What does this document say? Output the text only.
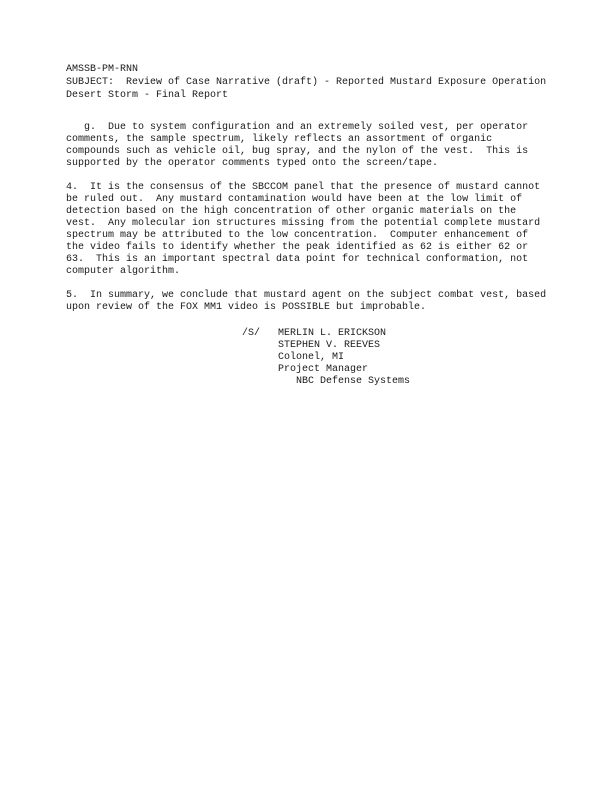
AMSSB-PM-RNN
SUBJECT:  Review of Case Narrative (draft) - Reported Mustard Exposure Operation
Desert Storm - Final Report
g.  Due to system configuration and an extremely soiled vest, per operator
comments, the sample spectrum, likely reflects an assortment of organic
compounds such as vehicle oil, bug spray, and the nylon of the vest.  This is
supported by the operator comments typed onto the screen/tape.
4.  It is the consensus of the SBCCOM panel that the presence of mustard cannot
be ruled out.  Any mustard contamination would have been at the low limit of
detection based on the high concentration of other organic materials on the
vest.  Any molecular ion structures missing from the potential complete mustard
spectrum may be attributed to the low concentration.  Computer enhancement of
the video fails to identify whether the peak identified as 62 is either 62 or
63.  This is an important spectral data point for technical conformation, not
computer algorithm.
5.  In summary, we conclude that mustard agent on the subject combat vest, based
upon review of the FOX MM1 video is POSSIBLE but improbable.
/S/ MERLIN L. ERICKSON
STEPHEN V. REEVES
Colonel, MI
Project Manager
NBC Defense Systems
